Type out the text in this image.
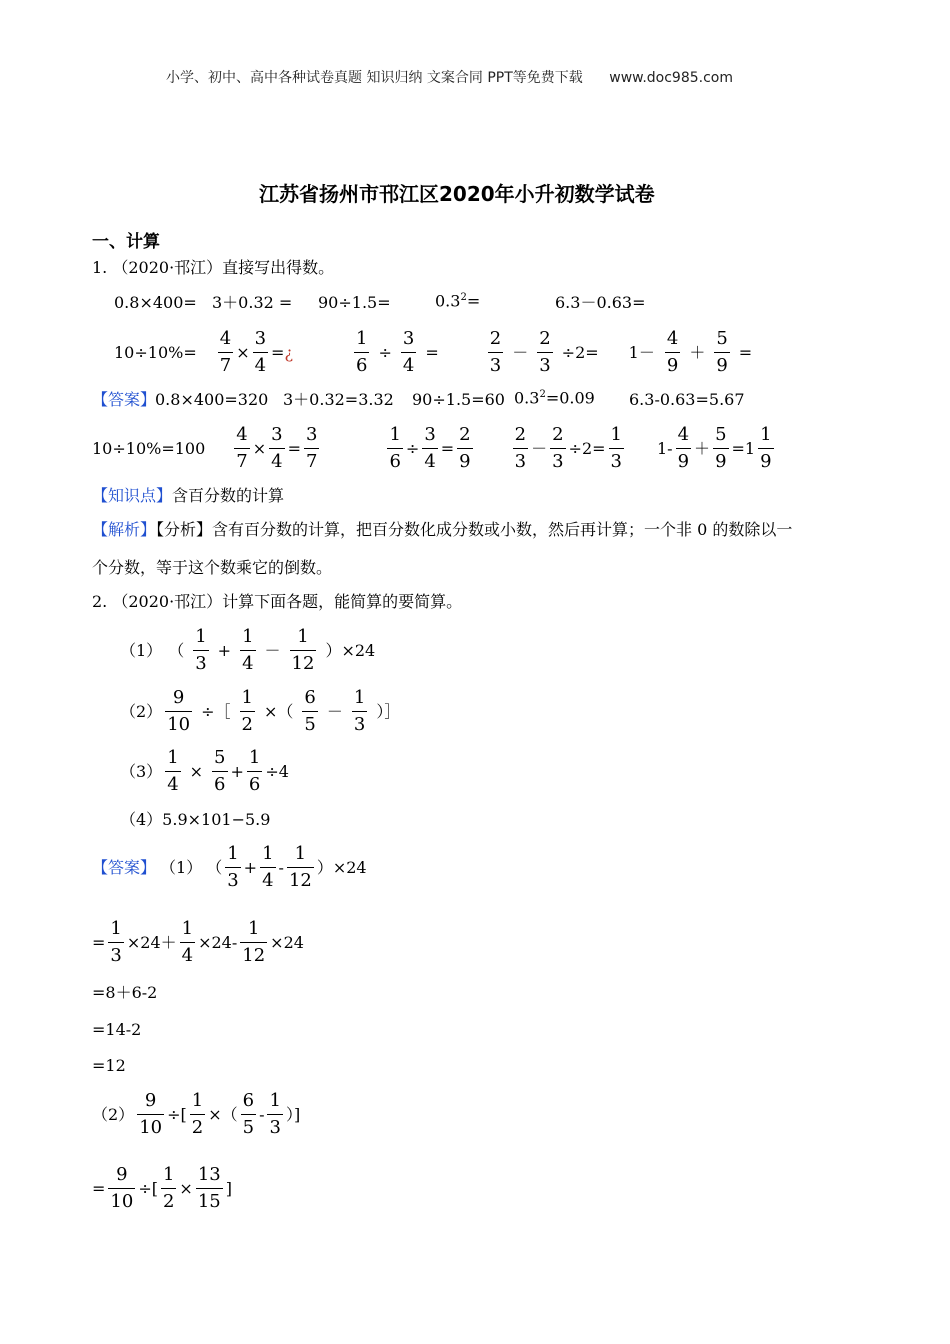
小学、初中、高中各种试卷真题 知识归纳 文案合同 PPT等免费下载 www.doc985.com
江苏省扬州市邗江区2020年小升初数学试卷
一、计算
1. （2020·邗江）直接写出得数。
0.8×400= 3＋0.32 = 90÷1.5=	$0.3^2=$	6.3－0.63=
$10\div 10\%= \frac{4}{7} \times \frac{3}{4}$ = ¿	$\frac{1}{6} \div \frac{3}{4}$ =
2
3
－ $\frac{2}{3} \div 2= 1-$
4
9
＋ $\frac{5}{9}$ =
【答案】
0.8×400=320 3＋0.32=3.32 90÷1.5=60 $0.3^2=0.09$ 6.3-0.63=5.67
$10\div 10\%=100 \frac{4}{7} \times \frac{3}{4} = \frac{3}{7}$	$\frac{1}{6} \div \frac{3}{4} = \frac{2}{9} 2$
3
－ $\frac{2}{3} \div 2= \frac{1}{3} 1-$
4
9
＋ $\frac{5}{9} =1$
1
9
【知识点】含百分数的计算
【解析】【分析】含有百分数的计算，把百分数化成分数或小数，然后再计算；一个非 0 的数除以一
个分数，等于这个数乘它的倒数。
2. （2020·邗江）计算下面各题，能简算的要简算。
（1） （
1
3
+ $\frac{1}{4}$ －
1
12
）×24
$(2) \frac{9}{10}$ ÷［ $\frac{1}{2}$ ×（
6
5
－
1
3
）］
$(3) \frac{1}{4} \times \frac{5}{6} + \frac{1}{6} \div 4$
（4）5.9×101−5.9
【答案】 （1） （
1
3
+ $\frac{1}{4}$ -
1
12
）×24
= $\frac{1}{3} \times 24+ \frac{1}{4} \times 24- \frac{1}{12} \times 24$
=8＋6-2
=14-2
=12
$(2) \frac{9}{10}$ ÷[ $\frac{1}{2}$ ×（
6
5
-
1
3
）]
= $\frac{9}{10}$ ÷[ $\frac{1}{2} \times \frac{13}{15}$ ]
